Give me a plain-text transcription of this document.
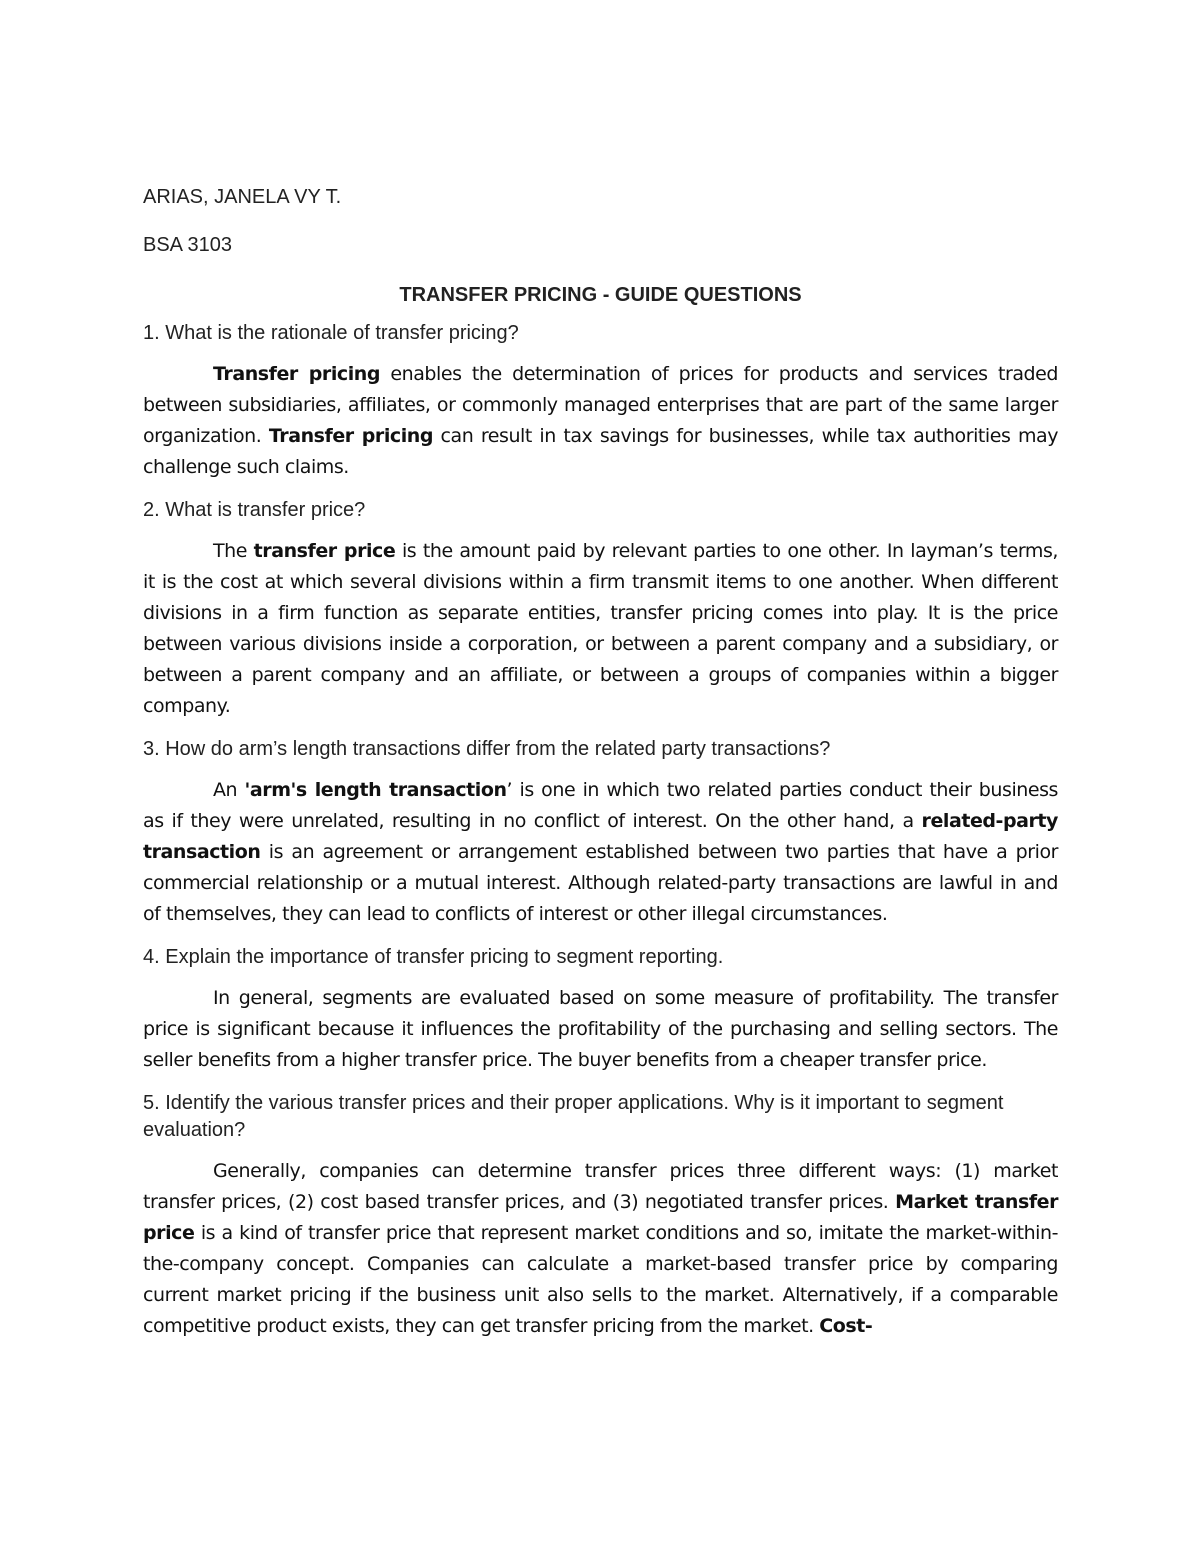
ARIAS, JANELA VY T.

BSA 3103

TRANSFER PRICING - GUIDE QUESTIONS

1. What is the rationale of transfer pricing?

Transfer pricing enables the determination of prices for products and services traded between subsidiaries, affiliates, or commonly managed enterprises that are part of the same larger organization. Transfer pricing can result in tax savings for businesses, while tax authorities may challenge such claims.

2. What is transfer price?

The transfer price is the amount paid by relevant parties to one other. In layman’s terms, it is the cost at which several divisions within a firm transmit items to one another. When different divisions in a firm function as separate entities, transfer pricing comes into play. It is the price between various divisions inside a corporation, or between a parent company and a subsidiary, or between a parent company and an affiliate, or between a groups of companies within a bigger company.

3. How do arm’s length transactions differ from the related party transactions?

An 'arm's length transaction’ is one in which two related parties conduct their business as if they were unrelated, resulting in no conflict of interest. On the other hand, a related-party transaction is an agreement or arrangement established between two parties that have a prior commercial relationship or a mutual interest. Although related-party transactions are lawful in and of themselves, they can lead to conflicts of interest or other illegal circumstances.

4. Explain the importance of transfer pricing to segment reporting.

In general, segments are evaluated based on some measure of profitability. The transfer price is significant because it influences the profitability of the purchasing and selling sectors. The seller benefits from a higher transfer price. The buyer benefits from a cheaper transfer price.

5. Identify the various transfer prices and their proper applications. Why is it important to segment evaluation?

Generally, companies can determine transfer prices three different ways: (1) market transfer prices, (2) cost based transfer prices, and (3) negotiated transfer prices. Market transfer price is a kind of transfer price that represent market conditions and so, imitate the market-within-the-company concept. Companies can calculate a market-based transfer price by comparing current market pricing if the business unit also sells to the market. Alternatively, if a comparable competitive product exists, they can get transfer pricing from the market. Cost-
